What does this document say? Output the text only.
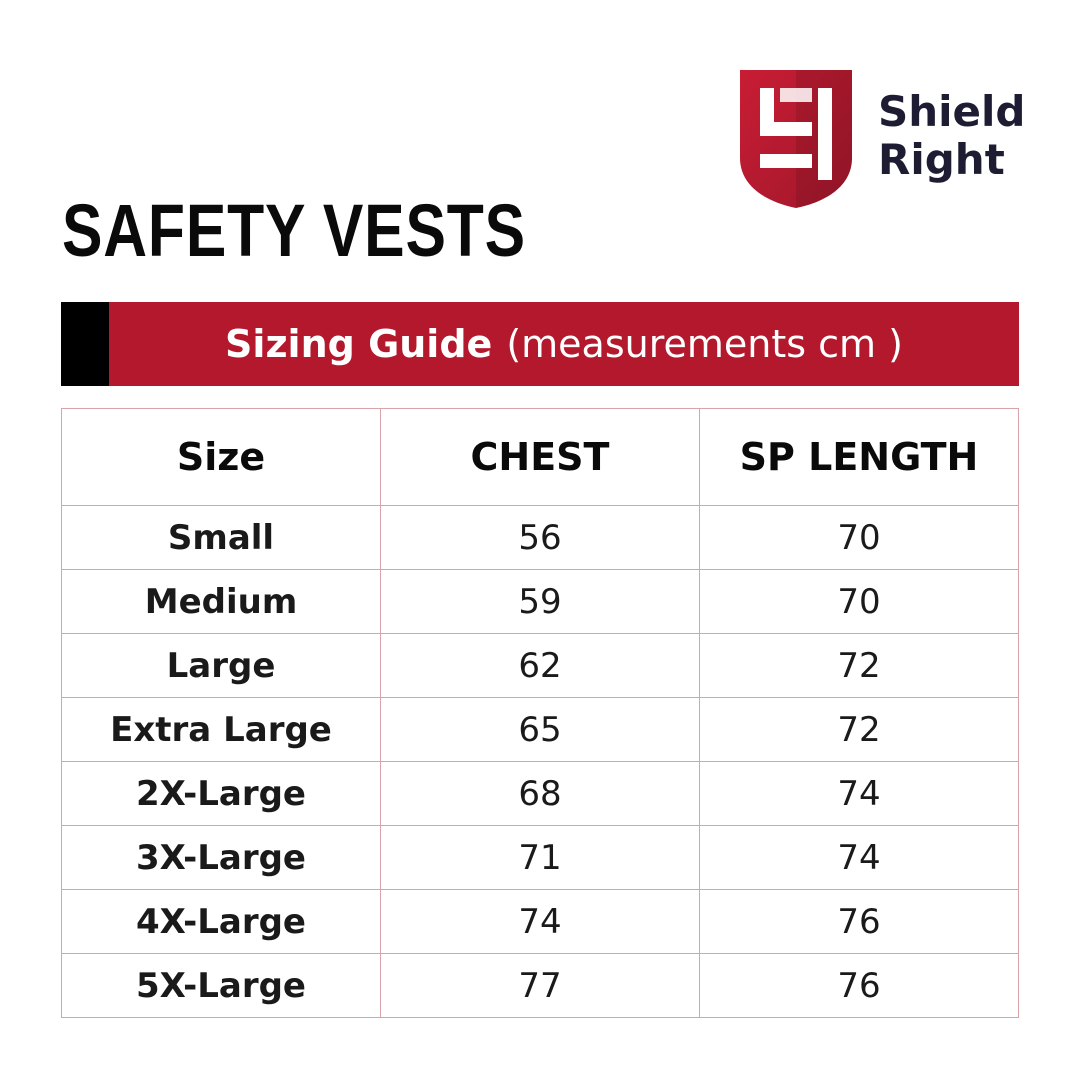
Shield
Right
SAFETY VESTS
Sizing Guide (measurements cm )
Size	CHEST	SP LENGTH
Small	56	70
Medium	59	70
Large	62	72
Extra Large	65	72
2X-Large	68	74
3X-Large	71	74
4X-Large	74	76
5X-Large	77	76
